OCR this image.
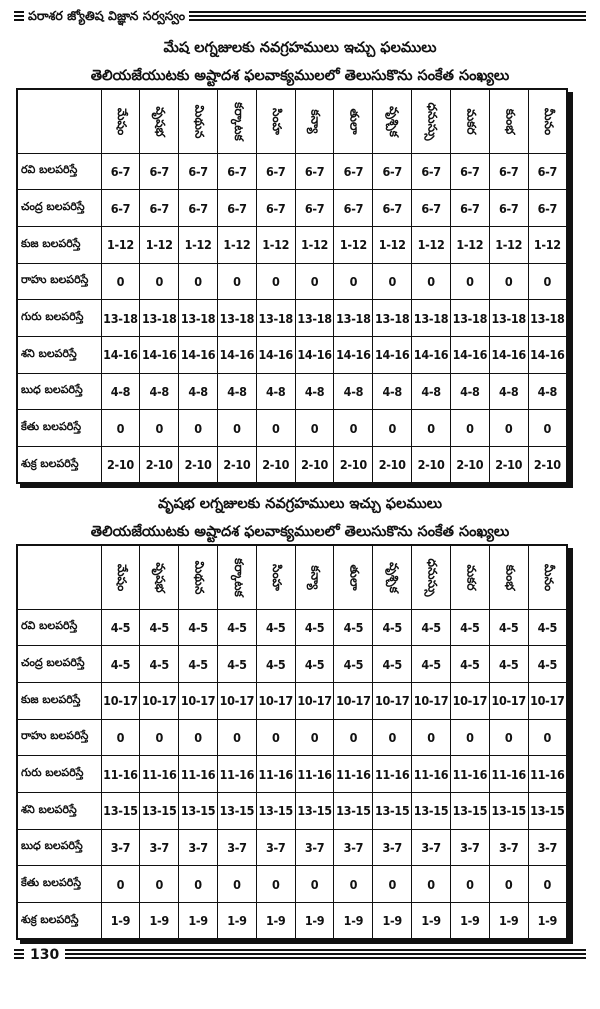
పరాశర జ్యోతిష విజ్ఞాన సర్వస్వం
మేష లగ్నజులకు నవగ్రహములు ఇచ్చు ఫలములు
తెలియజేయుటకు అష్టాదశ ఫలవాక్యములలో తెలుసుకొను సంకేత సంఖ్యలు
	మేషం	వృషభ	మిథున	కర్కాటక	సింహ	కన్యా	తులా	వృశ్చిక	ధనుస్సు	మకర	కుంభ	మీనం
రవి బలపరిస్తే	6-7	6-7	6-7	6-7	6-7	6-7	6-7	6-7	6-7	6-7	6-7	6-7
చంద్ర బలపరిస్తే	6-7	6-7	6-7	6-7	6-7	6-7	6-7	6-7	6-7	6-7	6-7	6-7
కుజ బలపరిస్తే	1-12	1-12	1-12	1-12	1-12	1-12	1-12	1-12	1-12	1-12	1-12	1-12
రాహు బలపరిస్తే	0	0	0	0	0	0	0	0	0	0	0	0
గురు బలపరిస్తే	13-18	13-18	13-18	13-18	13-18	13-18	13-18	13-18	13-18	13-18	13-18	13-18
శని బలపరిస్తే	14-16	14-16	14-16	14-16	14-16	14-16	14-16	14-16	14-16	14-16	14-16	14-16
బుధ బలపరిస్తే	4-8	4-8	4-8	4-8	4-8	4-8	4-8	4-8	4-8	4-8	4-8	4-8
కేతు బలపరిస్తే	0	0	0	0	0	0	0	0	0	0	0	0
శుక్ర బలపరిస్తే	2-10	2-10	2-10	2-10	2-10	2-10	2-10	2-10	2-10	2-10	2-10	2-10
వృషభ లగ్నజులకు నవగ్రహములు ఇచ్చు ఫలములు
తెలియజేయుటకు అష్టాదశ ఫలవాక్యములలో తెలుసుకొను సంకేత సంఖ్యలు
	మేషం	వృషభ	మిథున	కర్కాటక	సింహ	కన్యా	తులా	వృశ్చిక	ధనుస్సు	మకర	కుంభ	మీనం
రవి బలపరిస్తే	4-5	4-5	4-5	4-5	4-5	4-5	4-5	4-5	4-5	4-5	4-5	4-5
చంద్ర బలపరిస్తే	4-5	4-5	4-5	4-5	4-5	4-5	4-5	4-5	4-5	4-5	4-5	4-5
కుజ బలపరిస్తే	10-17	10-17	10-17	10-17	10-17	10-17	10-17	10-17	10-17	10-17	10-17	10-17
రాహు బలపరిస్తే	0	0	0	0	0	0	0	0	0	0	0	0
గురు బలపరిస్తే	11-16	11-16	11-16	11-16	11-16	11-16	11-16	11-16	11-16	11-16	11-16	11-16
శని బలపరిస్తే	13-15	13-15	13-15	13-15	13-15	13-15	13-15	13-15	13-15	13-15	13-15	13-15
బుధ బలపరిస్తే	3-7	3-7	3-7	3-7	3-7	3-7	3-7	3-7	3-7	3-7	3-7	3-7
కేతు బలపరిస్తే	0	0	0	0	0	0	0	0	0	0	0	0
శుక్ర బలపరిస్తే	1-9	1-9	1-9	1-9	1-9	1-9	1-9	1-9	1-9	1-9	1-9	1-9
130
